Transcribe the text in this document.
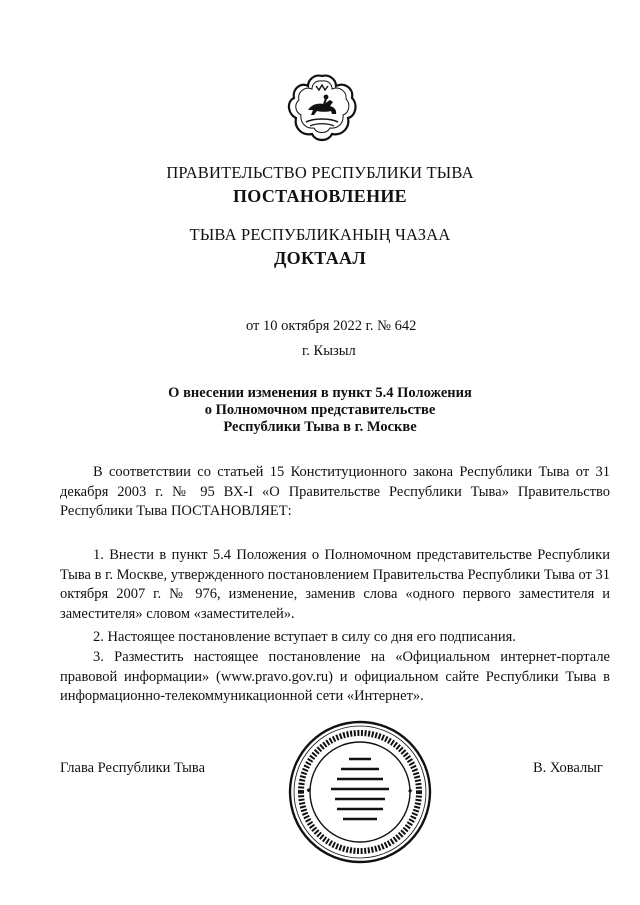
ПРАВИТЕЛЬСТВО РЕСПУБЛИКИ ТЫВА
ПОСТАНОВЛЕНИЕ
ТЫВА РЕСПУБЛИКАНЫҢ ЧАЗАА
ДОКТААЛ
от 10 октября 2022 г. № 642
г. Кызыл
О внесении изменения в пункт 5.4 Положения
о Полномочном представительстве
Республики Тыва в г. Москве
В соответствии со статьей 15 Конституционного закона Республики Тыва от 31 декабря 2003 г. № 95 ВХ-I «О Правительстве Республики Тыва» Правительство Республики Тыва ПОСТАНОВЛЯЕТ:
1. Внести в пункт 5.4 Положения о Полномочном представительстве Республики Тыва в г. Москве, утвержденного постановлением Правительства Республики Тыва от 31 октября 2007 г. № 976, изменение, заменив слова «одного первого заместителя и заместителя» словом «заместителей».
2. Настоящее постановление вступает в силу со дня его подписания.
3. Разместить настоящее постановление на «Официальном интернет-портале правовой информации» (www.pravo.gov.ru) и официальном сайте Республики Тыва в информационно-телекоммуникационной сети «Интернет».
Глава Республики Тыва	В. Ховалыг
